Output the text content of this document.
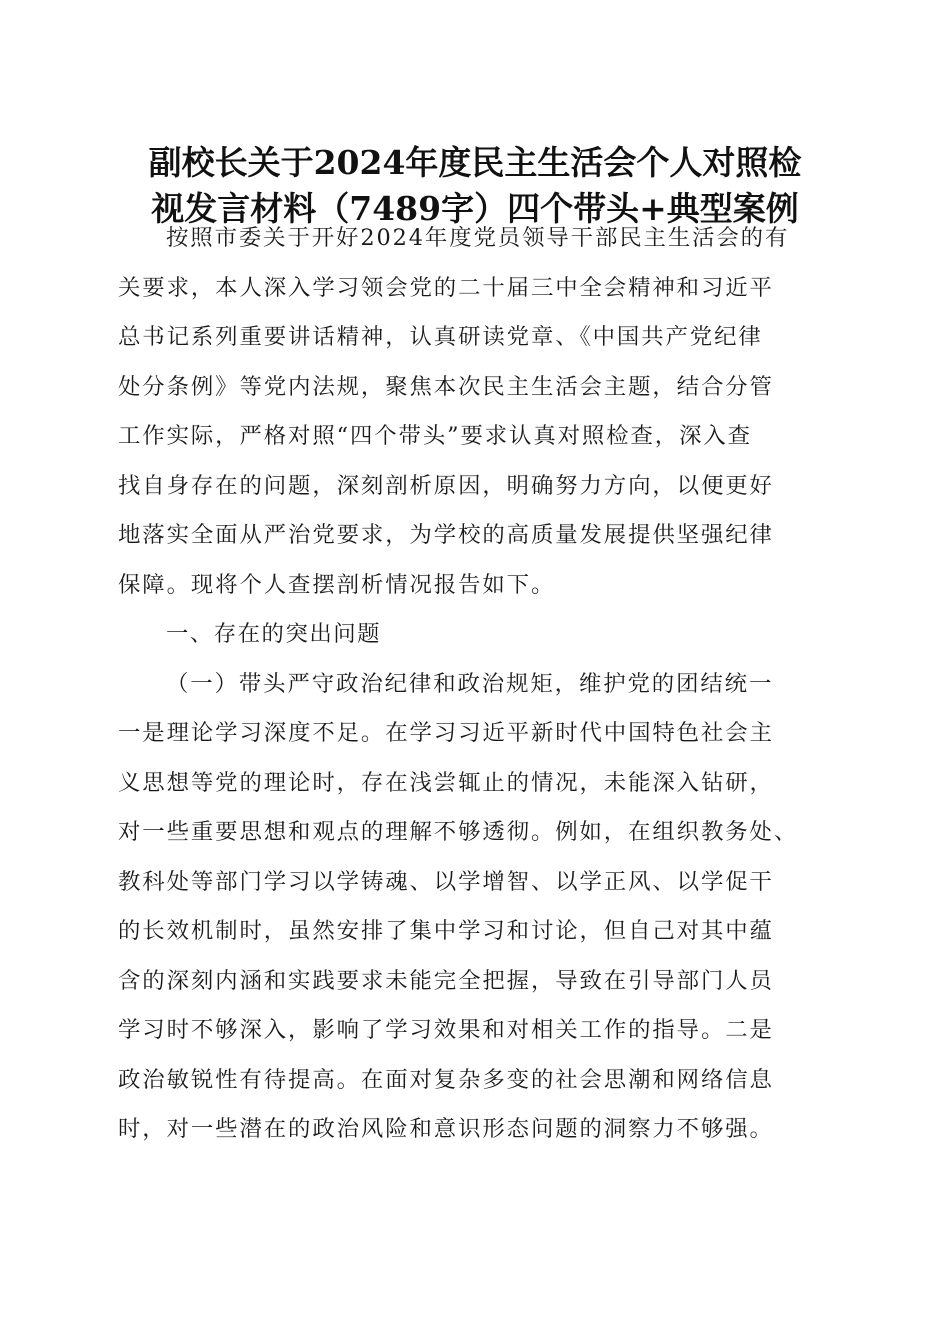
副校长关于2024年度民主生活会个人对照检
视发言材料（7489字）四个带头+典型案例
按照市委关于开好2024年度党员领导干部民主生活会的有
关要求，本人深入学习领会党的二十届三中全会精神和习近平
总书记系列重要讲话精神，认真研读党章、《中国共产党纪律
处分条例》等党内法规，聚焦本次民主生活会主题，结合分管
工作实际，严格对照“四个带头”要求认真对照检查，深入查
找自身存在的问题，深刻剖析原因，明确努力方向，以便更好
地落实全面从严治党要求，为学校的高质量发展提供坚强纪律
保障。现将个人查摆剖析情况报告如下。
一、存在的突出问题
（一）带头严守政治纪律和政治规矩，维护党的团结统一
一是理论学习深度不足。在学习习近平新时代中国特色社会主
义思想等党的理论时，存在浅尝辄止的情况，未能深入钻研，
对一些重要思想和观点的理解不够透彻。例如，在组织教务处、
教科处等部门学习以学铸魂、以学增智、以学正风、以学促干
的长效机制时，虽然安排了集中学习和讨论，但自己对其中蕴
含的深刻内涵和实践要求未能完全把握，导致在引导部门人员
学习时不够深入，影响了学习效果和对相关工作的指导。二是
政治敏锐性有待提高。在面对复杂多变的社会思潮和网络信息
时，对一些潜在的政治风险和意识形态问题的洞察力不够强。
